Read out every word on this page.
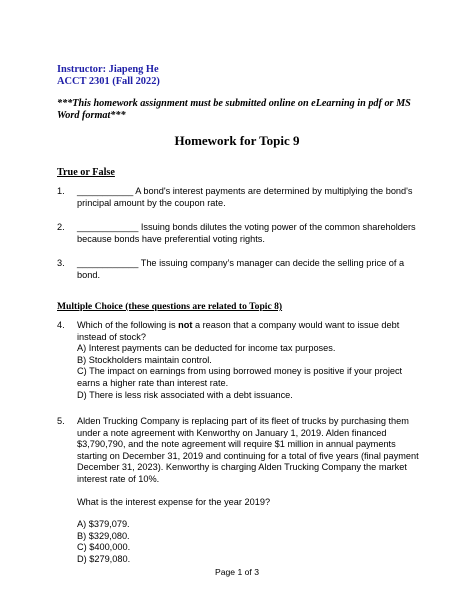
Instructor: Jiapeng He
ACCT 2301 (Fall 2022)
***This homework assignment must be submitted online on eLearning in pdf or MS Word format***
Homework for Topic 9
True or False
1. ___________ A bond's interest payments are determined by multiplying the bond's principal amount by the coupon rate.
2. ____________ Issuing bonds dilutes the voting power of the common shareholders because bonds have preferential voting rights.
3. ____________ The issuing company’s manager can decide the selling price of a bond.
Multiple Choice (these questions are related to Topic 8)
4. Which of the following is not a reason that a company would want to issue debt instead of stock?
A) Interest payments can be deducted for income tax purposes.
B) Stockholders maintain control.
C) The impact on earnings from using borrowed money is positive if your project earns a higher rate than interest rate.
D) There is less risk associated with a debt issuance.
5. Alden Trucking Company is replacing part of its fleet of trucks by purchasing them under a note agreement with Kenworthy on January 1, 2019. Alden financed $3,790,790, and the note agreement will require $1 million in annual payments starting on December 31, 2019 and continuing for a total of five years (final payment December 31, 2023). Kenworthy is charging Alden Trucking Company the market interest rate of 10%.
What is the interest expense for the year 2019?
A) $379,079.
B) $329,080.
C) $400,000.
D) $279,080.
Page 1 of 3
